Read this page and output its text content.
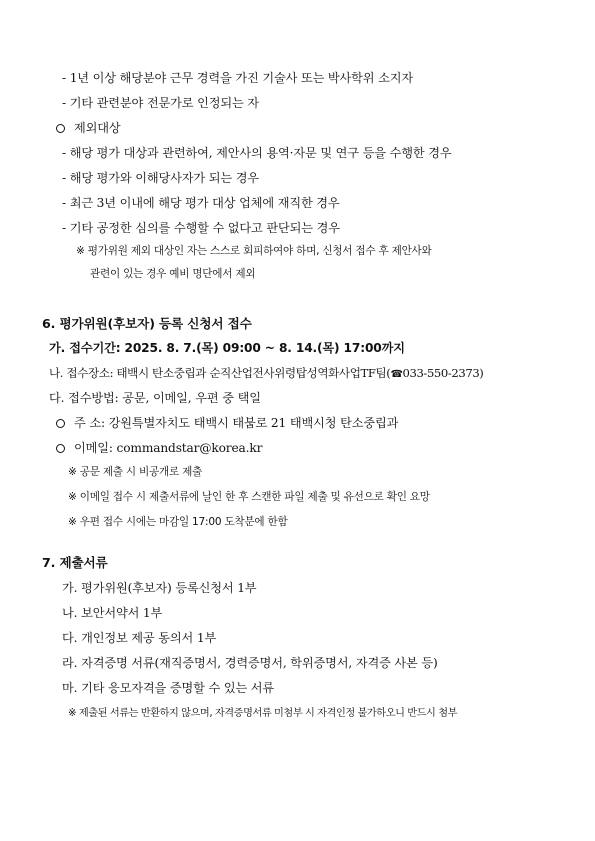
- 1년 이상 해당분야 근무 경력을 가진 기술사 또는 박사학위 소지자
- 기타 관련분야 전문가로 인정되는 자
제외대상
- 해당 평가 대상과 관련하여, 제안사의 용역·자문 및 연구 등을 수행한 경우
- 해당 평가와 이해당사자가 되는 경우
- 최근 3년 이내에 해당 평가 대상 업체에 재직한 경우
- 기타 공정한 심의를 수행할 수 없다고 판단되는 경우
※ 평가위원 제외 대상인 자는 스스로 회피하여야 하며, 신청서 접수 후 제안사와
관련이 있는 경우 예비 명단에서 제외
6. 평가위원(후보자) 등록 신청서 접수
가. 접수기간: 2025. 8. 7.(목) 09:00 ~ 8. 14.(목) 17:00까지
나. 접수장소: 태백시 탄소중립과 순직산업전사위령탑성역화사업TF팀(☎033-550-2373)
다. 접수방법: 공문, 이메일, 우편 중 택일
주 소: 강원특별자치도 태백시 태붐로 21 태백시청 탄소중립과
이메일: commandstar@korea.kr
※ 공문 제출 시 비공개로 제출
※ 이메일 접수 시 제출서류에 날인 한 후 스캔한 파일 제출 및 유선으로 확인 요망
※ 우편 접수 시에는 마감일 17:00 도착분에 한함
7. 제출서류
가. 평가위원(후보자) 등록신청서 1부
나. 보안서약서 1부
다. 개인정보 제공 동의서 1부
라. 자격증명 서류(재직증명서, 경력증명서, 학위증명서, 자격증 사본 등)
마. 기타 응모자격을 증명할 수 있는 서류
※ 제출된 서류는 반환하지 않으며, 자격증명서류 미첨부 시 자격인정 불가하오니 반드시 첨부
